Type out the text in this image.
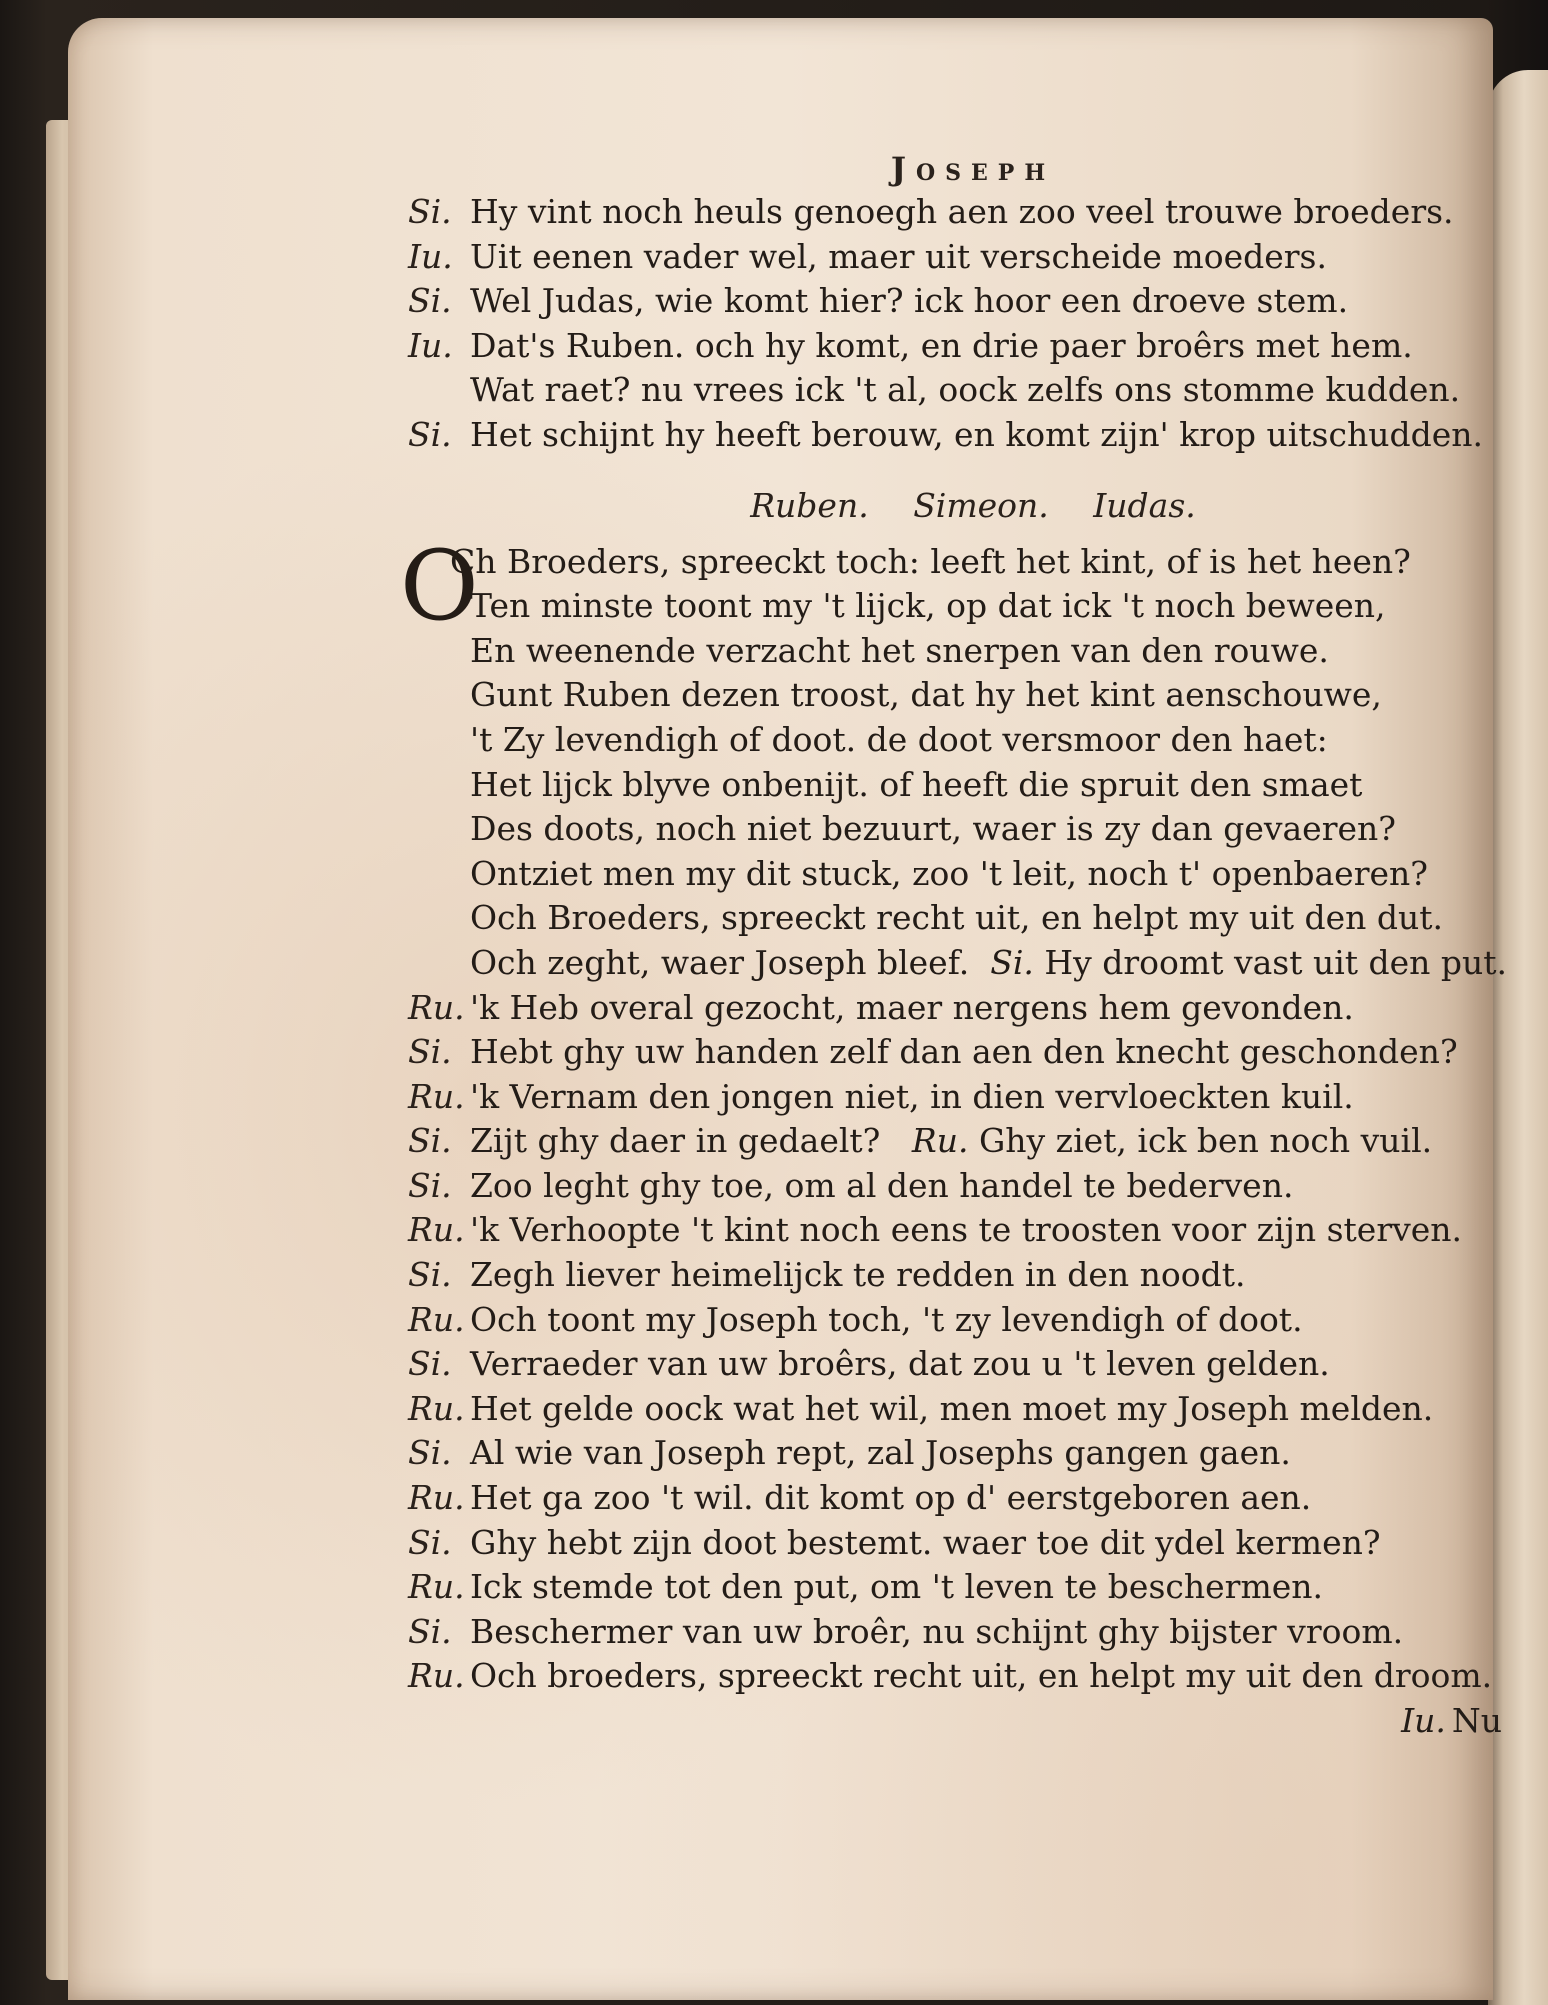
Joseph
Si. Hy vint noch heuls genoegh aen zoo veel trouwe broeders.
Iu. Uit eenen vader wel, maer uit verscheide moeders.
Si. Wel Judas, wie komt hier? ick hoor een droeve stem.
Iu. Dat's Ruben. och hy komt, en drie paer broêrs met hem.
Wat raet? nu vrees ick 't al, oock zelfs ons stomme kudden.
Si. Het schijnt hy heeft berouw, en komt zijn' krop uitschudden.
Ruben. Simeon. Iudas.
O
Ch Broeders, spreeckt toch: leeft het kint, of is het heen?
Ten minste toont my 't lijck, op dat ick 't noch beween,
En weenende verzacht het snerpen van den rouwe.
Gunt Ruben dezen troost, dat hy het kint aenschouwe,
't Zy levendigh of doot. de doot versmoor den haet:
Het lijck blyve onbenijt. of heeft die spruit den smaet
Des doots, noch niet bezuurt, waer is zy dan gevaeren?
Ontziet men my dit stuck, zoo 't leit, noch t' openbaeren?
Och Broeders, spreeckt recht uit, en helpt my uit den dut.
Och zeght, waer Joseph bleef. Si. Hy droomt vast uit den put.
Ru. 'k Heb overal gezocht, maer nergens hem gevonden.
Si. Hebt ghy uw handen zelf dan aen den knecht geschonden?
Ru. 'k Vernam den jongen niet, in dien vervloeckten kuil.
Si. Zijt ghy daer in gedaelt? Ru. Ghy ziet, ick ben noch vuil.
Si. Zoo leght ghy toe, om al den handel te bederven.
Ru. 'k Verhoopte 't kint noch eens te troosten voor zijn sterven.
Si. Zegh liever heimelijck te redden in den noodt.
Ru. Och toont my Joseph toch, 't zy levendigh of doot.
Si. Verraeder van uw broêrs, dat zou u 't leven gelden.
Ru. Het gelde oock wat het wil, men moet my Joseph melden.
Si. Al wie van Joseph rept, zal Josephs gangen gaen.
Ru. Het ga zoo 't wil. dit komt op d' eerstgeboren aen.
Si. Ghy hebt zijn doot bestemt. waer toe dit ydel kermen?
Ru. Ick stemde tot den put, om 't leven te beschermen.
Si. Beschermer van uw broêr, nu schijnt ghy bijster vroom.
Ru. Och broeders, spreeckt recht uit, en helpt my uit den droom.
Iu. Nu
